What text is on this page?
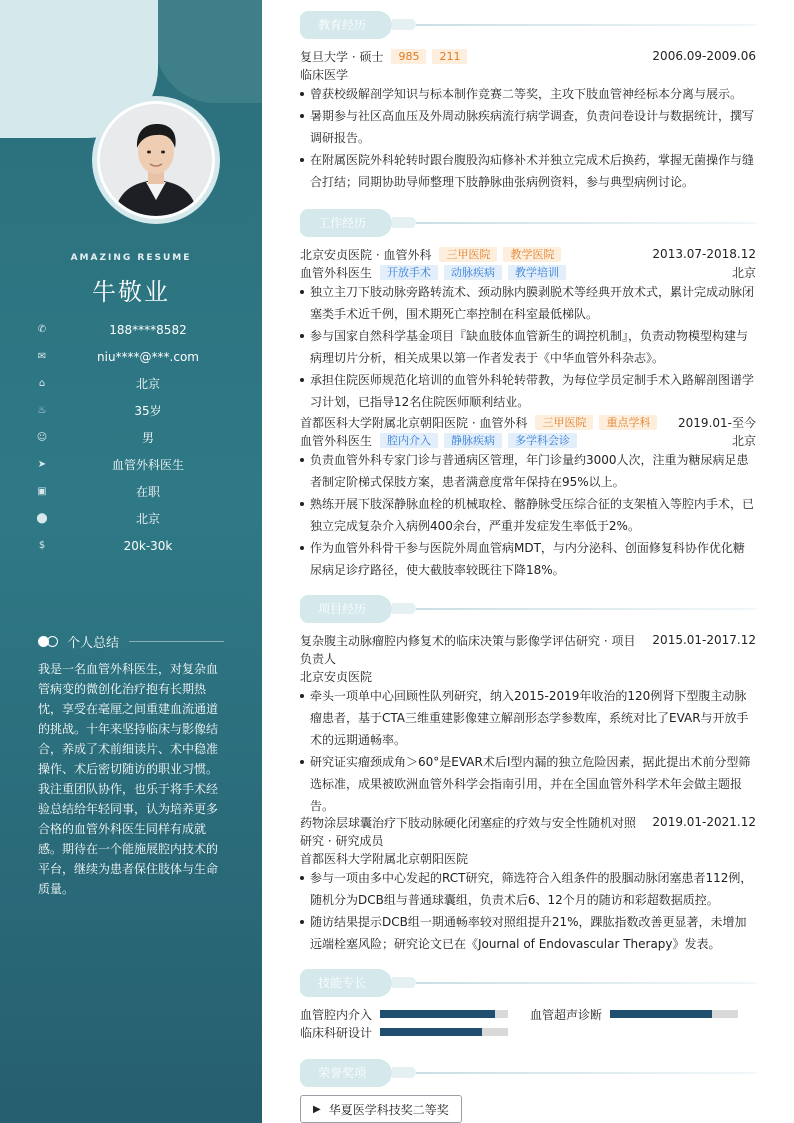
AMAZING RESUME
牛敬业
✆	188****8582
✉	niu****@***.com
⌂	北京
♨	35岁
☺	男
➤	血管外科医生
▣	在职
⬤	北京
$	20k-30k
个人总结
我是一名血管外科医生，对复杂血管病变的微创化治疗抱有长期热忱，享受在毫厘之间重建血流通道的挑战。十年来坚持临床与影像结合，养成了术前细读片、术中稳准操作、术后密切随访的职业习惯。我注重团队协作，也乐于将手术经验总结给年轻同事，认为培养更多合格的血管外科医生同样有成就感。期待在一个能施展腔内技术的平台，继续为患者保住肢体与生命质量。
教育经历
复旦大学 · 硕士	985	211	2006.09-2009.06
临床医学
曾获校级解剖学知识与标本制作竞赛二等奖，主攻下肢血管神经标本分离与展示。
暑期参与社区高血压及外周动脉疾病流行病学调查，负责问卷设计与数据统计，撰写调研报告。
在附属医院外科轮转时跟台腹股沟疝修补术并独立完成术后换药，掌握无菌操作与缝合打结；同期协助导师整理下肢静脉曲张病例资料，参与典型病例讨论。
工作经历
北京安贞医院 · 血管外科	三甲医院	教学医院	2013.07-2018.12
血管外科医生	开放手术	动脉疾病	教学培训	北京
独立主刀下肢动脉旁路转流术、颈动脉内膜剥脱术等经典开放术式，累计完成动脉闭塞类手术近千例，围术期死亡率控制在科室最低梯队。
参与国家自然科学基金项目『缺血肢体血管新生的调控机制』，负责动物模型构建与病理切片分析，相关成果以第一作者发表于《中华血管外科杂志》。
承担住院医师规范化培训的血管外科轮转带教，为每位学员定制手术入路解剖图谱学习计划，已指导12名住院医师顺利结业。
首都医科大学附属北京朝阳医院 · 血管外科	三甲医院	重点学科	2019.01-至今
血管外科医生	腔内介入	静脉疾病	多学科会诊	北京
负责血管外科专家门诊与普通病区管理，年门诊量约3000人次，注重为糖尿病足患者制定阶梯式保肢方案，患者满意度常年保持在95%以上。
熟练开展下肢深静脉血栓的机械取栓、髂静脉受压综合征的支架植入等腔内手术，已独立完成复杂介入病例400余台，严重并发症发生率低于2%。
作为血管外科骨干参与医院外周血管病MDT，与内分泌科、创面修复科协作优化糖尿病足诊疗路径，使大截肢率较既往下降18%。
项目经历
复杂腹主动脉瘤腔内修复术的临床决策与影像学评估研究 · 项目 2015.01-2017.12
负责人
北京安贞医院
牵头一项单中心回顾性队列研究，纳入2015-2019年收治的120例肾下型腹主动脉瘤患者，基于CTA三维重建影像建立解剖形态学参数库，系统对比了EVAR与开放手术的远期通畅率。
研究证实瘤颈成角＞60°是EVAR术后Ⅰ型内漏的独立危险因素，据此提出术前分型筛选标准，成果被欧洲血管外科学会指南引用，并在全国血管外科学术年会做主题报告。
药物涂层球囊治疗下肢动脉硬化闭塞症的疗效与安全性随机对照 2019.01-2021.12
研究 · 研究成员
首都医科大学附属北京朝阳医院
参与一项由多中心发起的RCT研究，筛选符合入组条件的股腘动脉闭塞患者112例，随机分为DCB组与普通球囊组，负责术后6、12个月的随访和彩超数据质控。
随访结果提示DCB组一期通畅率较对照组提升21%，踝肱指数改善更显著，未增加远端栓塞风险；研究论文已在《Journal of Endovascular Therapy》发表。
技能专长
血管腔内介入	血管超声诊断
临床科研设计
荣誉奖项
▶ 华夏医学科技奖二等奖
